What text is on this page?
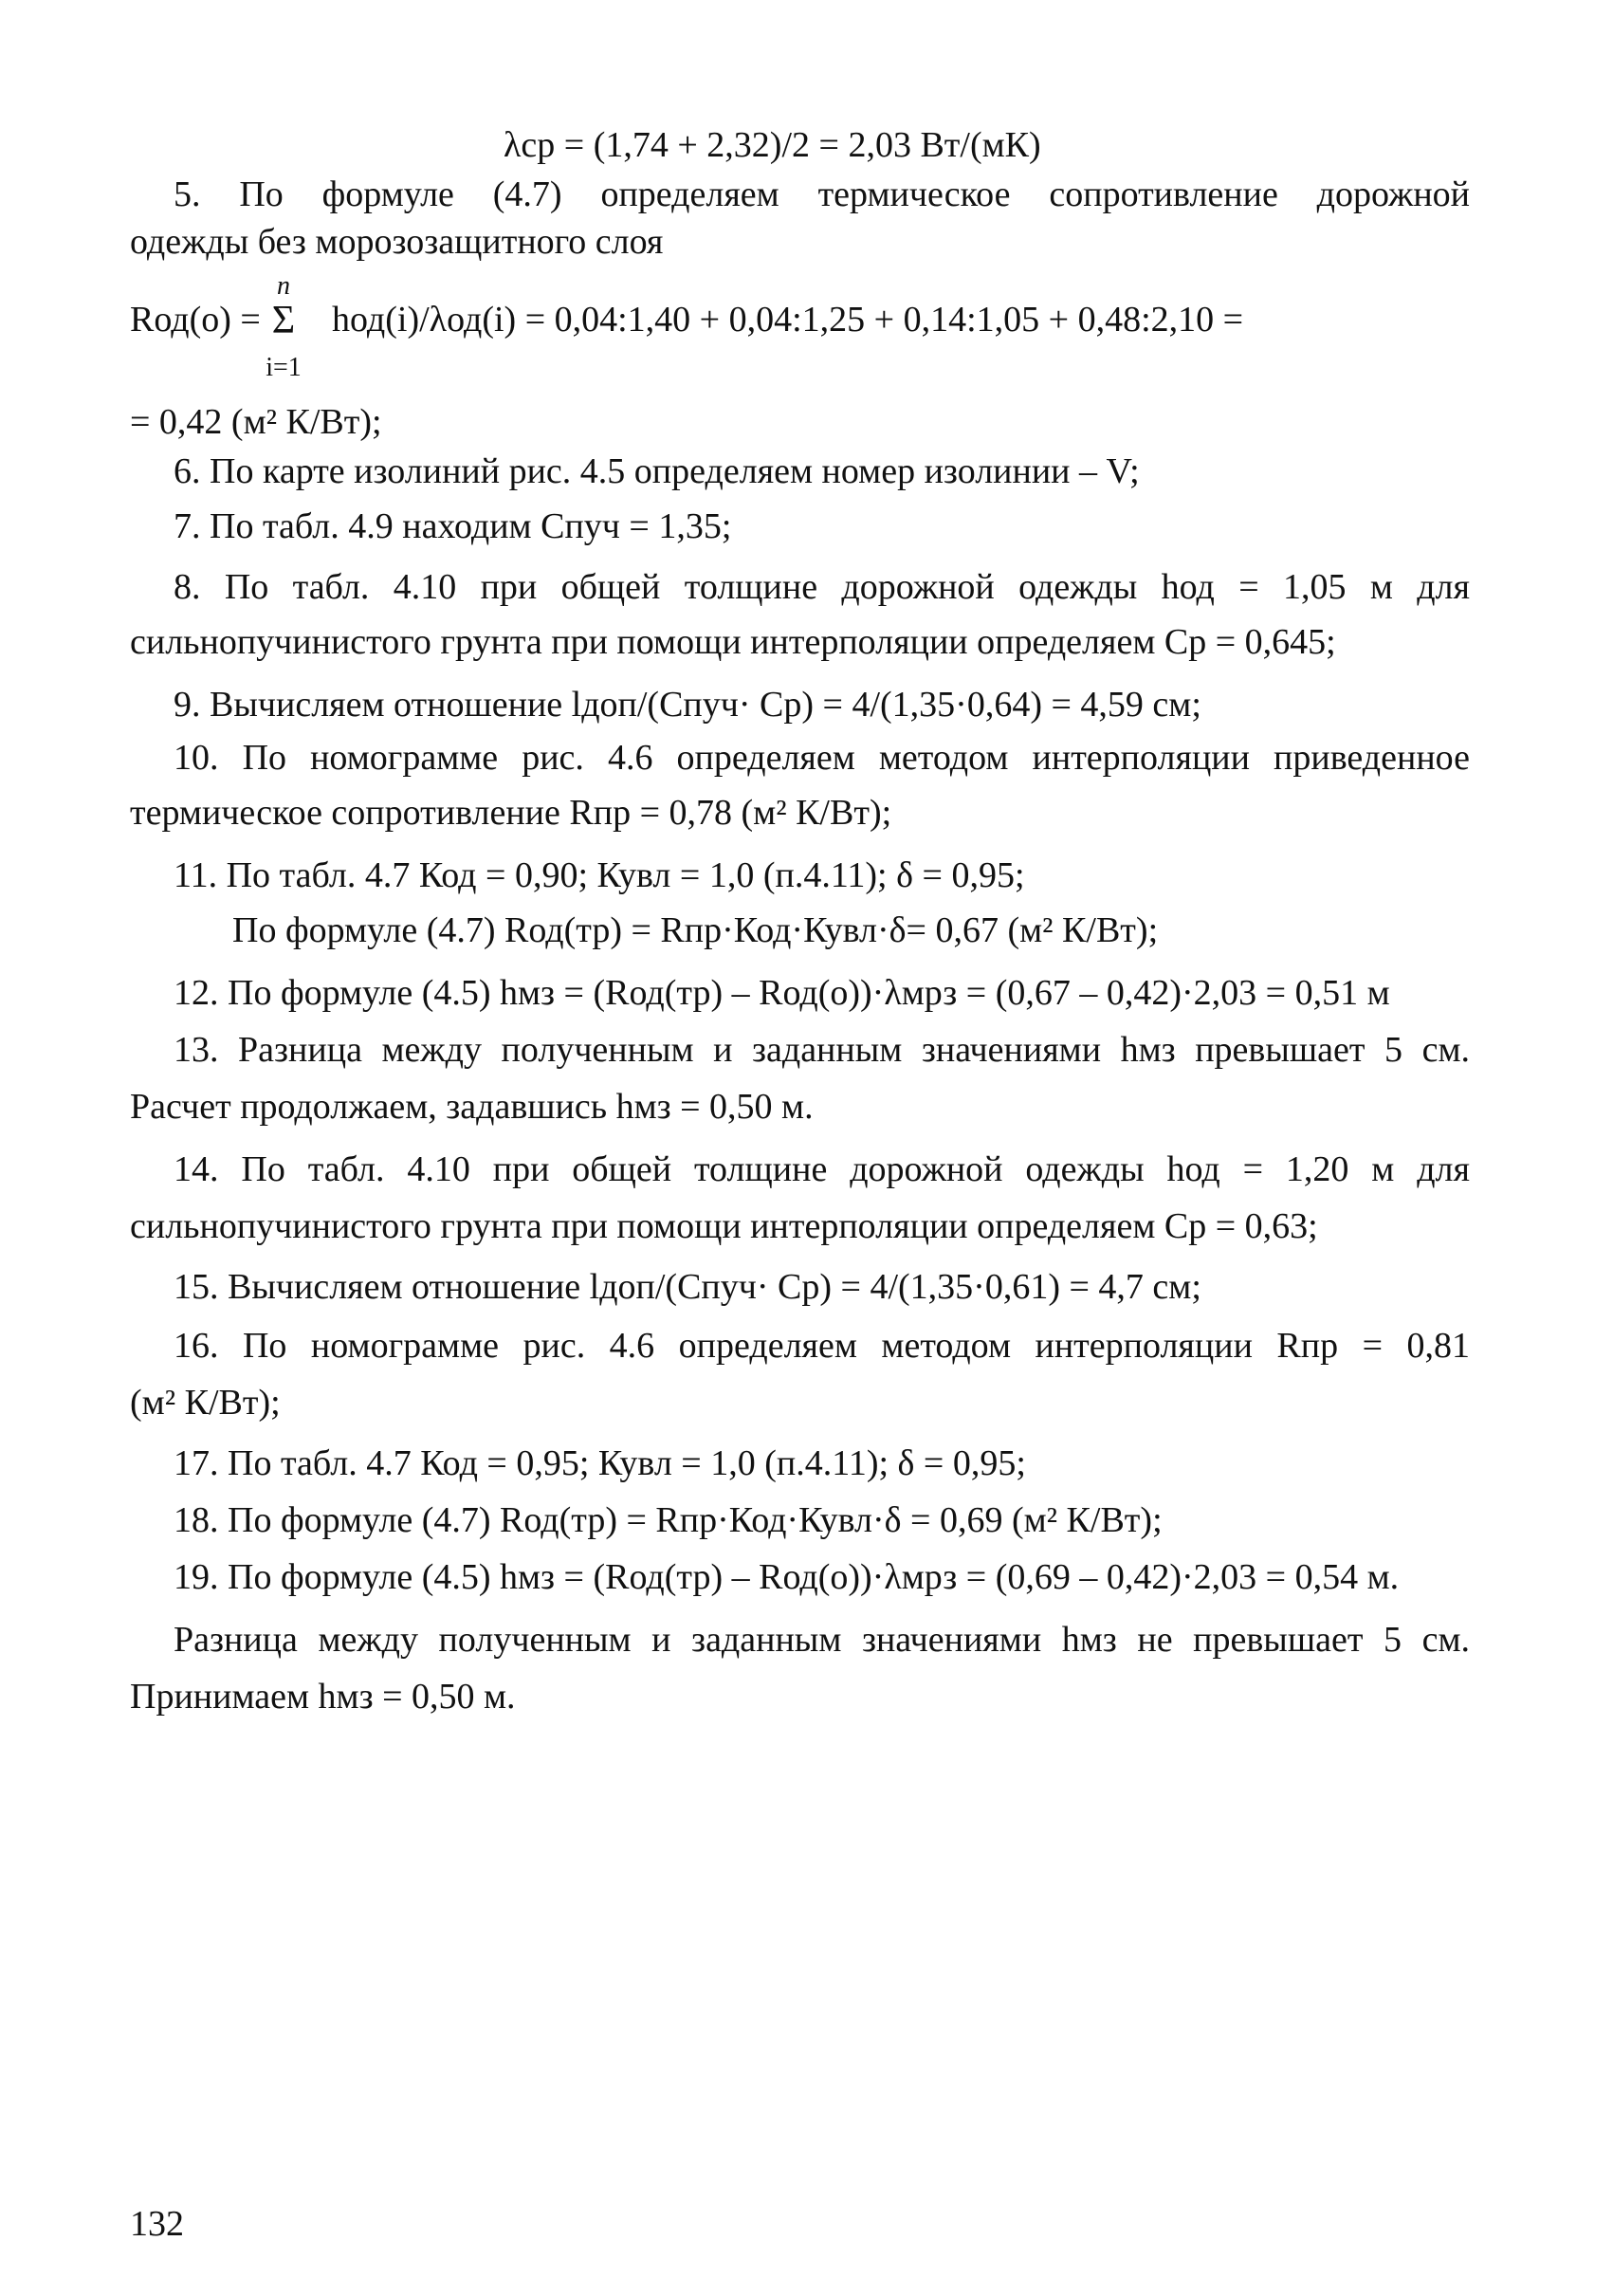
λср = (1,74 + 2,32)/2 = 2,03 Вт/(мК)
5. По формуле (4.7) определяем термическое сопротивление дорожной
одежды без морозозащитного слоя
Rод(о) =
n
Σ
i=1
hод(i)/λод(i) = 0,04:1,40 + 0,04:1,25 + 0,14:1,05 + 0,48:2,10 =
= 0,42 (м² К/Вт);
6. По карте изолиний рис. 4.5 определяем номер изолинии – V;
7. По табл. 4.9 находим Спуч = 1,35;
8. По табл. 4.10 при общей толщине дорожной одежды hод = 1,05 м для
сильнопучинистого грунта при помощи интерполяции определяем Ср = 0,645;
9. Вычисляем отношение lдоп/(Спуч· Ср) = 4/(1,35·0,64) = 4,59 см;
10. По номограмме рис. 4.6 определяем методом интерполяции приведенное
термическое сопротивление Rпр = 0,78 (м² К/Вт);
11. По табл. 4.7 Код = 0,90; Кувл = 1,0 (п.4.11); δ = 0,95;
По формуле (4.7) Rод(тр) = Rпр·Код·Кувл·δ= 0,67 (м² К/Вт);
12. По формуле (4.5) hмз = (Rод(тр) – Rод(о))·λмрз = (0,67 – 0,42)·2,03 = 0,51 м
13. Разница между полученным и заданным значениями hмз превышает 5 см.
Расчет продолжаем, задавшись hмз = 0,50 м.
14. По табл. 4.10 при общей толщине дорожной одежды hод = 1,20 м для
сильнопучинистого грунта при помощи интерполяции определяем Ср = 0,63;
15. Вычисляем отношение lдоп/(Спуч· Ср) = 4/(1,35·0,61) = 4,7 см;
16. По номограмме рис. 4.6 определяем методом интерполяции Rпр = 0,81
(м² К/Вт);
17. По табл. 4.7 Код = 0,95; Кувл = 1,0 (п.4.11); δ = 0,95;
18. По формуле (4.7) Rод(тр) = Rпр·Код·Кувл·δ = 0,69 (м² К/Вт);
19. По формуле (4.5) hмз = (Rод(тр) – Rод(о))·λмрз = (0,69 – 0,42)·2,03 = 0,54 м.
Разница между полученным и заданным значениями hмз не превышает 5 см.
Принимаем hмз = 0,50 м.
132
